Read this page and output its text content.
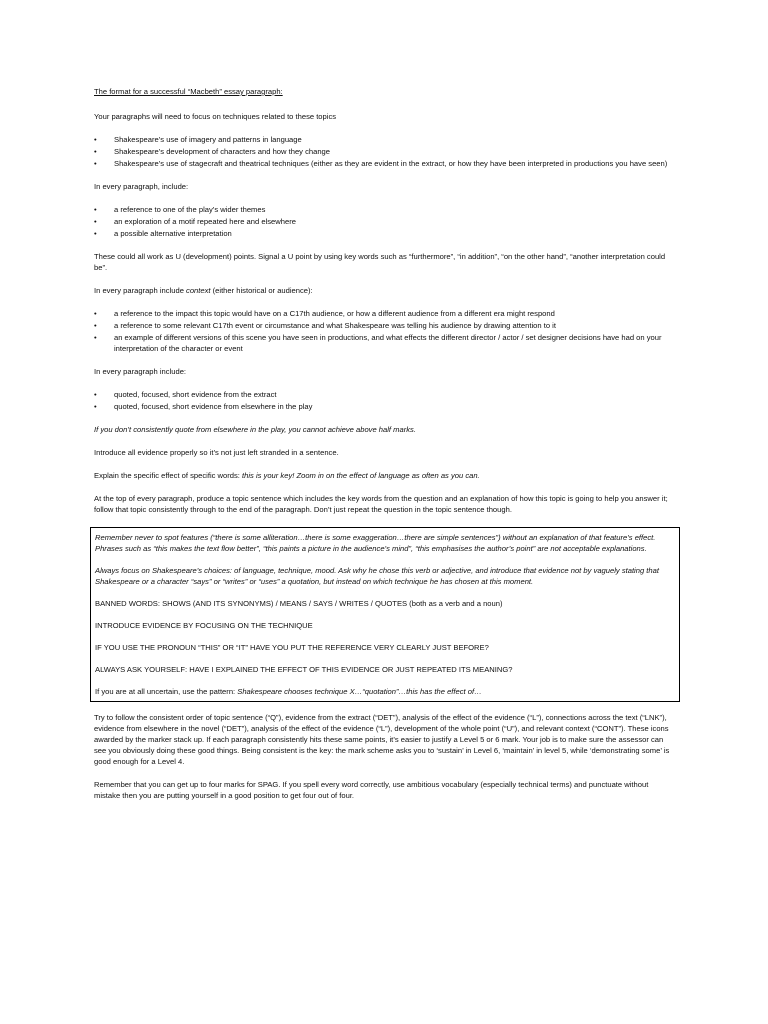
The format for a successful “Macbeth” essay paragraph:

Your paragraphs will need to focus on techniques related to these topics

• Shakespeare’s use of imagery and patterns in language
• Shakespeare’s development of characters and how they change
• Shakespeare’s use of stagecraft and theatrical techniques (either as they are evident in the extract, or how they have been interpreted in productions you have seen)

In every paragraph, include:

• a reference to one of the play’s wider themes
• an exploration of a motif repeated here and elsewhere
• a possible alternative interpretation

These could all work as U (development) points. Signal a U point by using key words such as “furthermore”, “in addition”, “on the other hand”, “another interpretation could be”.

In every paragraph include context (either historical or audience):

• a reference to the impact this topic would have on a C17th audience, or how a different audience from a different era might respond
• a reference to some relevant C17th event or circumstance and what Shakespeare was telling his audience by drawing attention to it
• an example of different versions of this scene you have seen in productions, and what effects the different director / actor / set designer decisions have had on your interpretation of the character or event

In every paragraph include:

• quoted, focused, short evidence from the extract
• quoted, focused, short evidence from elsewhere in the play

If you don’t consistently quote from elsewhere in the play, you cannot achieve above half marks.

Introduce all evidence properly so it’s not just left stranded in a sentence.

Explain the specific effect of specific words: this is your key! Zoom in on the effect of language as often as you can.

At the top of every paragraph, produce a topic sentence which includes the key words from the question and an explanation of how this topic is going to help you answer it; follow that topic consistently through to the end of the paragraph. Don’t just repeat the question in the topic sentence though.

Remember never to spot features (“there is some alliteration…there is some exaggeration…there are simple sentences”) without an explanation of that feature’s effect. Phrases such as “this makes the text flow better”, “this paints a picture in the audience’s mind”, “this emphasises the author’s point” are not acceptable explanations.

Always focus on Shakespeare’s choices: of language, technique, mood. Ask why he chose this verb or adjective, and introduce that evidence not by vaguely stating that Shakespeare or a character “says” or “writes” or “uses” a quotation, but instead on which technique he has chosen at this moment.

BANNED WORDS: SHOWS (AND ITS SYNONYMS) / MEANS / SAYS / WRITES / QUOTES (both as a verb and a noun)

INTRODUCE EVIDENCE BY FOCUSING ON THE TECHNIQUE

IF YOU USE THE PRONOUN “THIS” OR “IT” HAVE YOU PUT THE REFERENCE VERY CLEARLY JUST BEFORE?

ALWAYS ASK YOURSELF: HAVE I EXPLAINED THE EFFECT OF THIS EVIDENCE OR JUST REPEATED ITS MEANING?

If you are at all uncertain, use the pattern: Shakespeare chooses technique X…“quotation”…this has the effect of…

Try to follow the consistent order of topic sentence (“Q”), evidence from the extract (“DET”), analysis of the effect of the evidence (“L”), connections across the text (“LNK”), evidence from elsewhere in the novel (“DET”), analysis of the effect of the evidence (“L”), development of the whole point (“U”), and relevant context (“CONT”). These icons awarded by the marker stack up. If each paragraph consistently hits these same points, it’s easier to justify a Level 5 or 6 mark. Your job is to make sure the assessor can see you obviously doing these good things. Being consistent is the key: the mark scheme asks you to ‘sustain’ in Level 6, ‘maintain’ in level 5, while ‘demonstrating some’ is good enough for a Level 4.

Remember that you can get up to four marks for SPAG. If you spell every word correctly, use ambitious vocabulary (especially technical terms) and punctuate without mistake then you are putting yourself in a good position to get four out of four.
